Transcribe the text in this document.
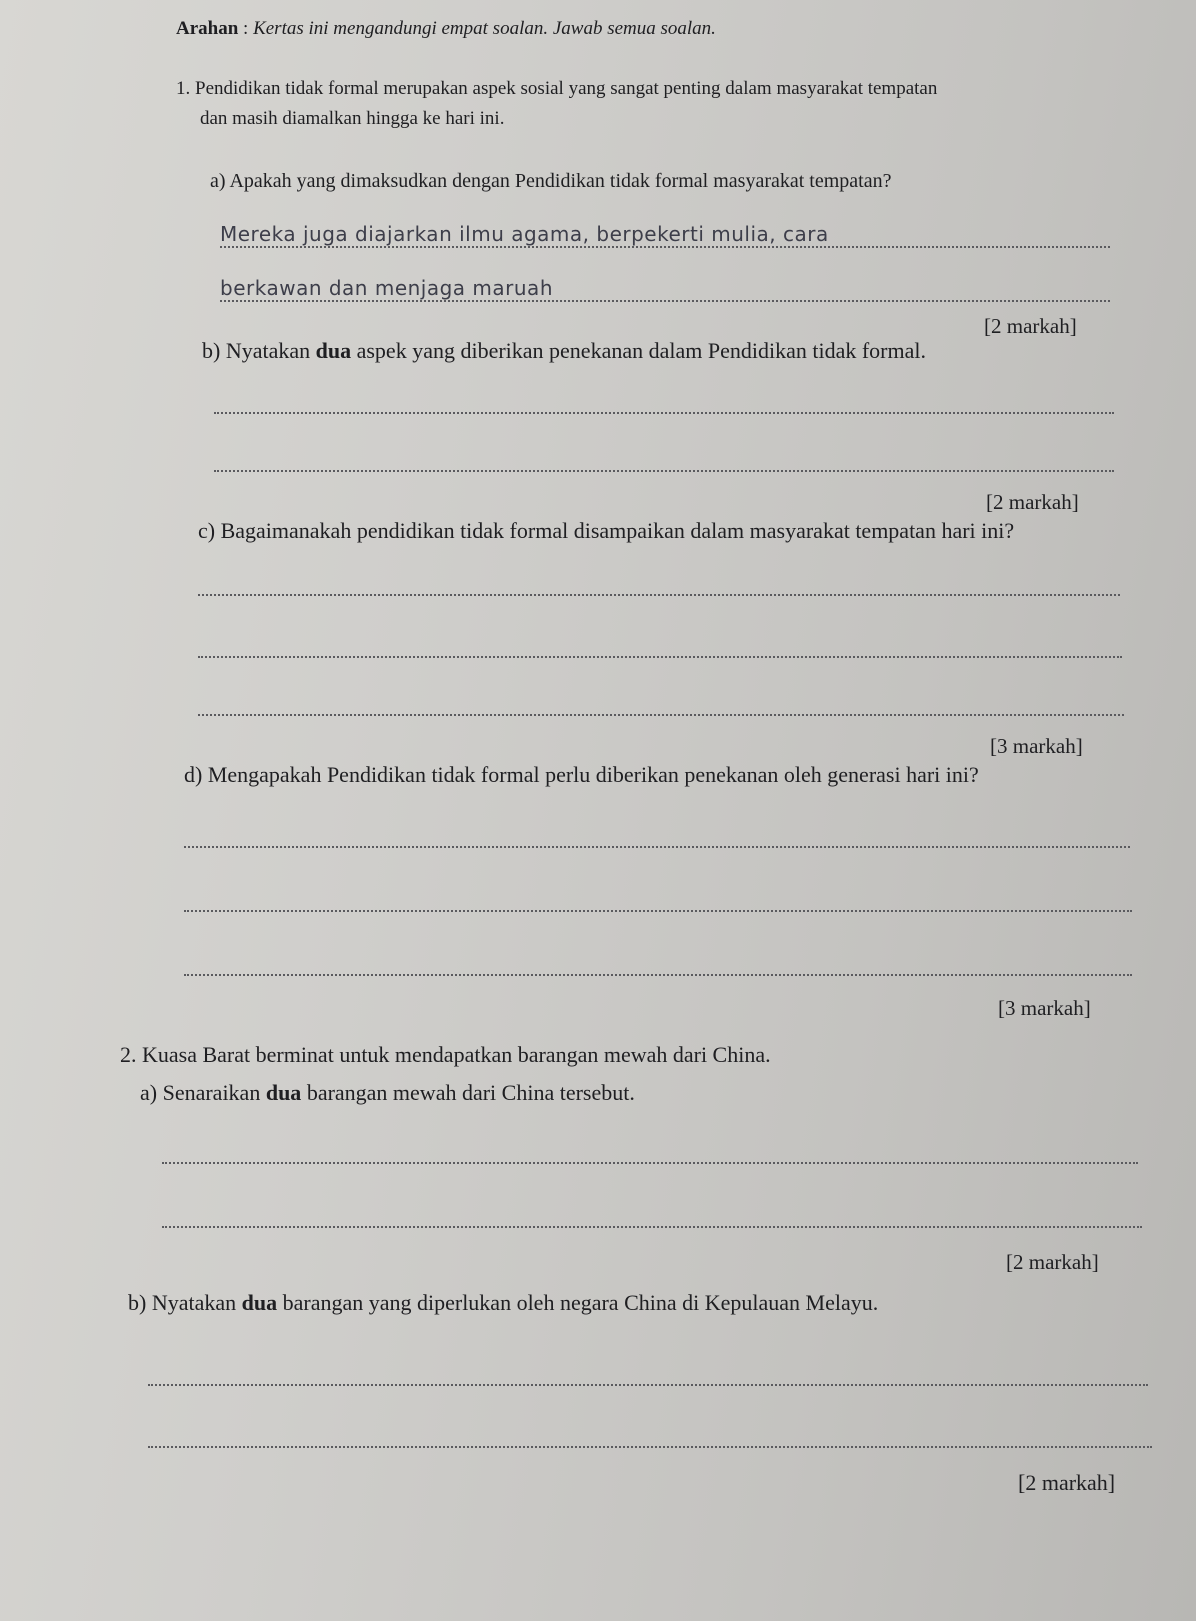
Arahan : Kertas ini mengandungi empat soalan. Jawab semua soalan.
1. Pendidikan tidak formal merupakan aspek sosial yang sangat penting dalam masyarakat tempatan
dan masih diamalkan hingga ke hari ini.
a) Apakah yang dimaksudkan dengan Pendidikan tidak formal masyarakat tempatan?
Mereka juga diajarkan ilmu agama, berpekerti mulia, cara
berkawan dan menjaga maruah
[2 markah]
b) Nyatakan dua aspek yang diberikan penekanan dalam Pendidikan tidak formal.
[2 markah]
c) Bagaimanakah pendidikan tidak formal disampaikan dalam masyarakat tempatan hari ini?
[3 markah]
d) Mengapakah Pendidikan tidak formal perlu diberikan penekanan oleh generasi hari ini?
[3 markah]
2. Kuasa Barat berminat untuk mendapatkan barangan mewah dari China.
a) Senaraikan dua barangan mewah dari China tersebut.
[2 markah]
b) Nyatakan dua barangan yang diperlukan oleh negara China di Kepulauan Melayu.
[2 markah]
